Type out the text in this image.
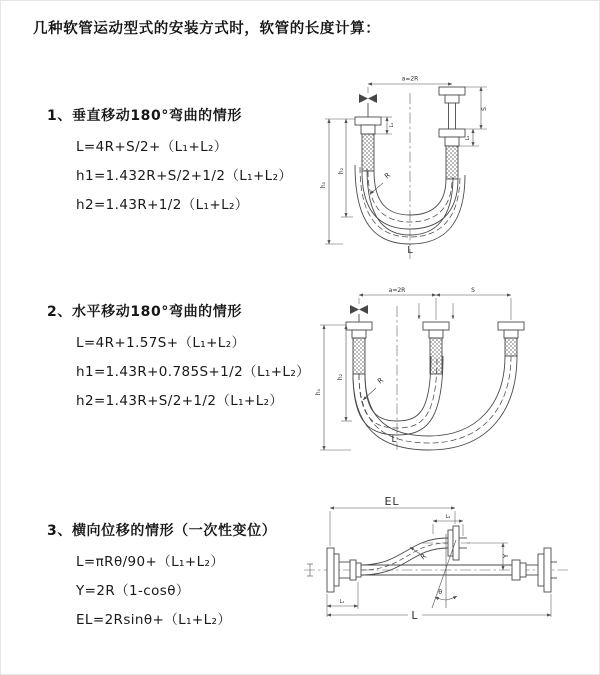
几种软管运动型式的安装方式时，软管的长度计算：
1、垂直移动180°弯曲的情形
L=4R+S/2+（L₁+L₂）
h1=1.432R+S/2+1/2（L₁+L₂）
h2=1.43R+1/2（L₁+L₂）
2、水平移动180°弯曲的情形
L=4R+1.57S+（L₁+L₂）
h1=1.43R+0.785S+1/2（L₁+L₂）
h2=1.43R+S/2+1/2（L₁+L₂）
3、横向位移的情形（一次性变位）
L=πRθ/90+（L₁+L₂）
Y=2R（1-cosθ）
EL=2Rsinθ+（L₁+L₂）
a=2R
h₁
h₂
L₁
S
L₂
R
L
a=2R	S
h₁
h₂	R
L
EL
L₂
Y
θ
R
L₁
L
